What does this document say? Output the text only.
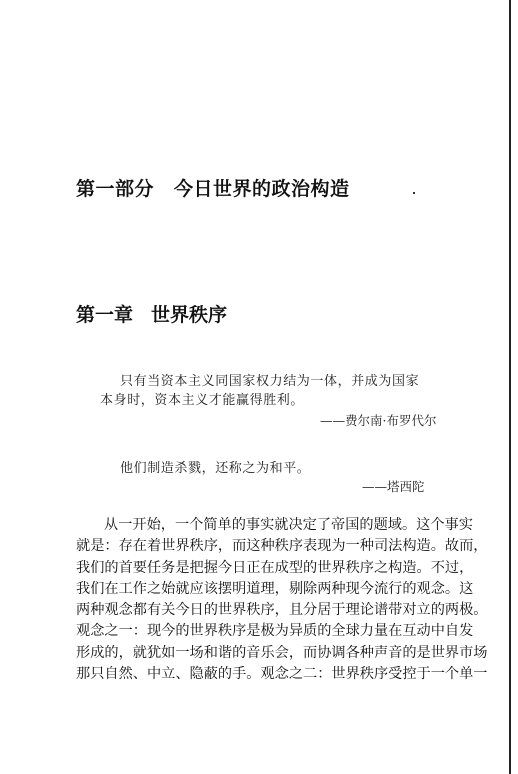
第一部分 今日世界的政治构造
第一章 世界秩序
只有当资本主义同国家权力结为一体，并成为国家
本身时，资本主义才能赢得胜利。
——费尔南·布罗代尔
他们制造杀戮，还称之为和平。
——塔西陀
从一开始，一个简单的事实就决定了帝国的题域。这个事实
就是：存在着世界秩序，而这种秩序表现为一种司法构造。故而，
我们的首要任务是把握今日正在成型的世界秩序之构造。不过，
我们在工作之始就应该摆明道理，剔除两种现今流行的观念。这
两种观念都有关今日的世界秩序，且分居于理论谱带对立的两极。
观念之一：现今的世界秩序是极为异质的全球力量在互动中自发
形成的，就犹如一场和谐的音乐会，而协调各种声音的是世界市场
那只自然、中立、隐蔽的手。观念之二：世界秩序受控于一个单一
